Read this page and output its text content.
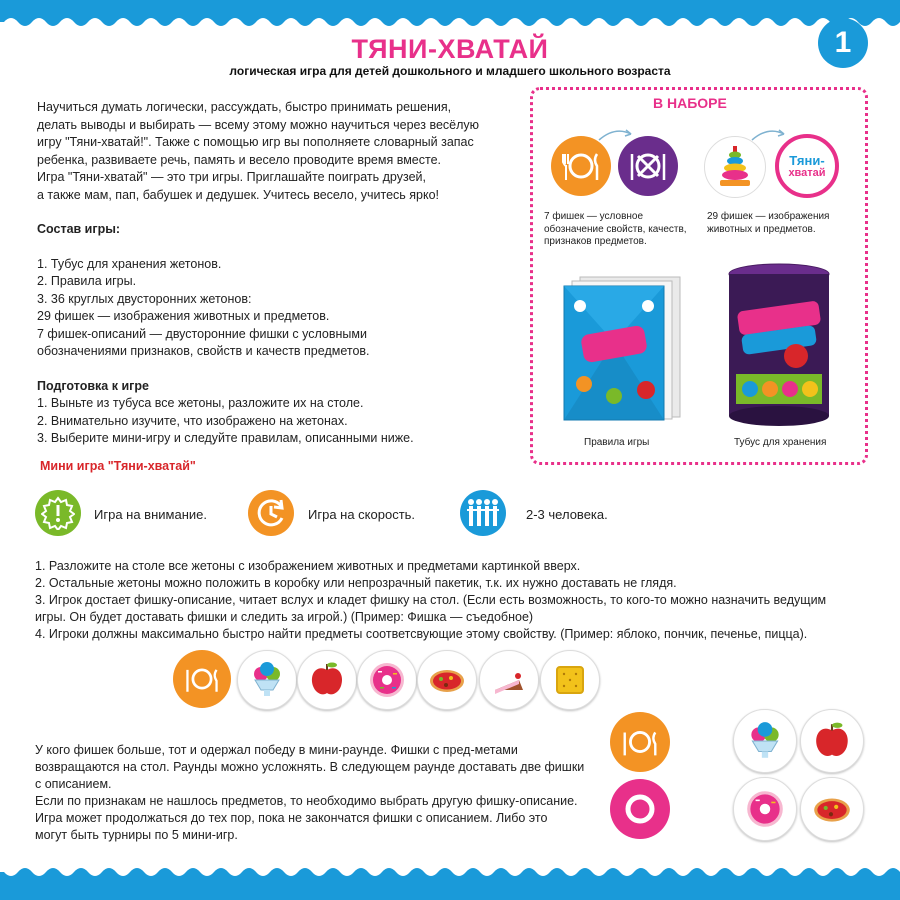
1
ТЯНИ-ХВАТАЙ
логическая игра для детей дошкольного и младшего школьного возраста
Научиться думать логически, рассуждать, быстро принимать решения,
делать выводы и выбирать — всему этому можно научиться через весёлую
игру "Тяни-хватай!". Также с помощью игр вы пополняете словарный запас
ребенка, развиваете речь, память и весело проводите время вместе.
Игра "Тяни-хватай" — это три игры. Приглашайте поиграть друзей,
а также мам, пап, бабушек и дедушек. Учитесь весело, учитесь ярко!
Состав игры:
1. Тубус для хранения жетонов.
2. Правила игры.
3. 36 круглых двусторонних жетонов:
29 фишек — изображения животных и предметов.
7 фишек-описаний — двусторонние фишки с условными
обозначениями признаков, свойств и качеств предметов.
Подготовка к игре
1. Выньте из тубуса все жетоны, разложите их на столе.
2. Внимательно изучите, что изображено на жетонах.
3. Выберите мини-игру и следуйте правилам, описанными ниже.
В НАБОРЕ
7 фишек — условное обозначение свойств, качеств, признаков предметов.
Тяни-
хватай
29 фишек — изображения животных и предметов.
Правила игры	Тубус для хранения
Мини игра "Тяни-хватай"
Игра на внимание.	Игра на скорость.	2-3 человека.
1. Разложите на столе все жетоны с изображением животных и предметами картинкой вверх.
2. Остальные жетоны можно положить в коробку или непрозрачный пакетик, т.к. их нужно доставать не глядя.
3. Игрок достает фишку-описание, читает вслух и кладет фишку на стол. (Если есть возможность, то кого-то можно назначить ведущим
игры. Он будет доставать фишки и следить за игрой.) (Пример: Фишка — съедобное)
4. Игроки должны максимально быстро найти предметы соответсвующие этому свойству. (Пример: яблоко, пончик, печенье, пицца).
У кого фишек больше, тот и одержал победу в мини-раунде. Фишки с пред-метами
возвращаются на стол. Раунды можно усложнять. В следующем раунде доставать две фишки
с описанием.
Если по признакам не нашлось предметов, то необходимо выбрать другую фишку-описание.
Игра может продолжаться до тех пор, пока не закончатся фишки с описанием. Либо это
могут быть турниры по 5 мини-игр.
